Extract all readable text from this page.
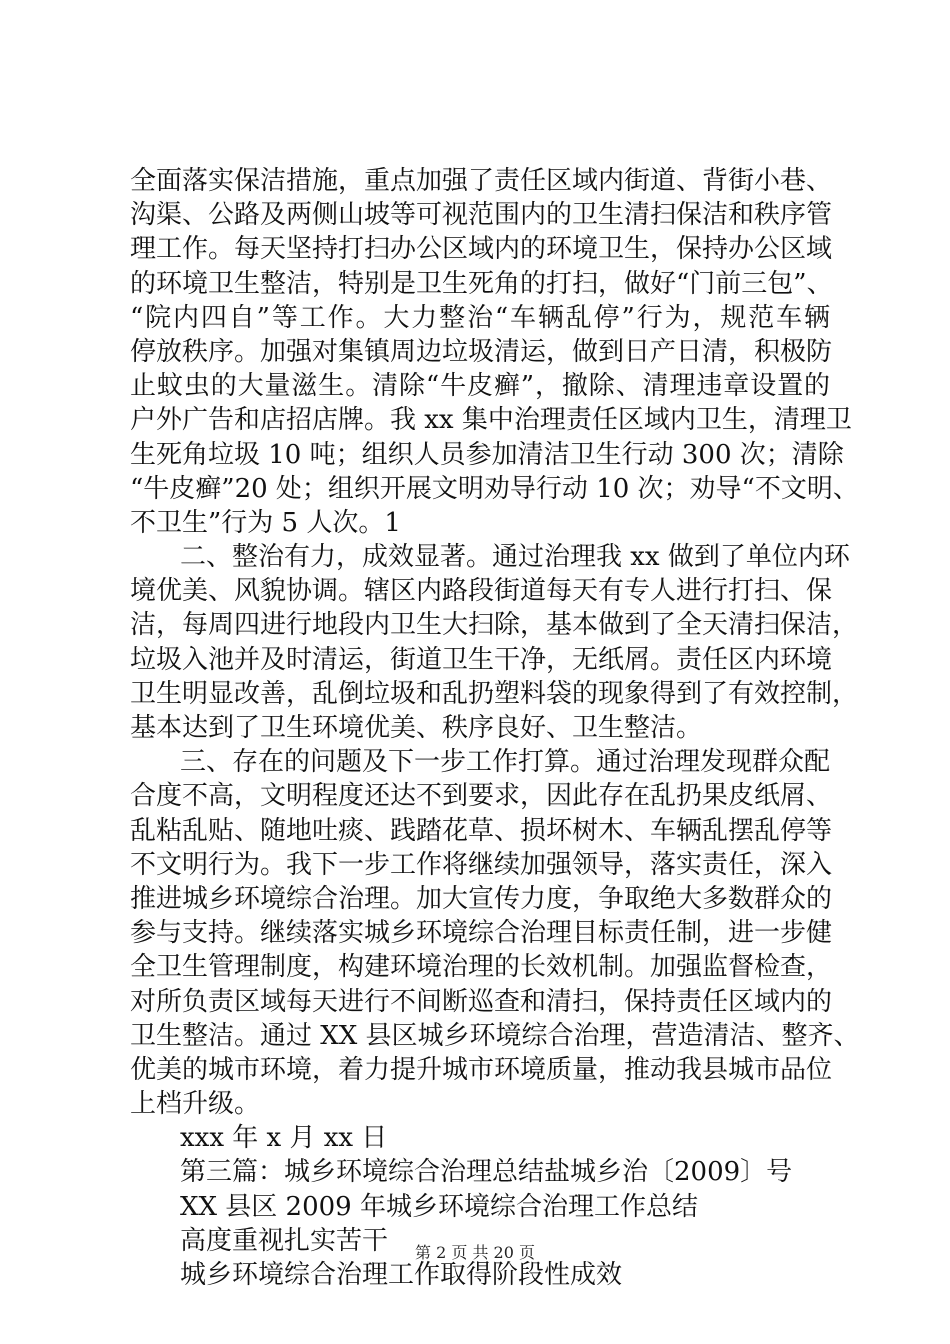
全面落实保洁措施，重点加强了责任区域内街道、背街小巷、
沟渠、公路及两侧山坡等可视范围内的卫生清扫保洁和秩序管
理工作。每天坚持打扫办公区域内的环境卫生，保持办公区域
的环境卫生整洁，特别是卫生死角的打扫，做好“门前三包”、
“院内四自”等工作。大力整治“车辆乱停”行为，规范车辆
停放秩序。加强对集镇周边垃圾清运，做到日产日清，积极防
止蚊虫的大量滋生。清除“牛皮癣”，撤除、清理违章设置的
户外广告和店招店牌。我 xx 集中治理责任区域内卫生，清理卫
生死角垃圾 10 吨；组织人员参加清洁卫生行动 300 次；清除
“牛皮癣”20 处；组织开展文明劝导行动 10 次；劝导“不文明、
不卫生”行为 5 人次。1
二、整治有力，成效显著。通过治理我 xx 做到了单位内环
境优美、风貌协调。辖区内路段街道每天有专人进行打扫、保
洁，每周四进行地段内卫生大扫除，基本做到了全天清扫保洁，
垃圾入池并及时清运，街道卫生干净，无纸屑。责任区内环境
卫生明显改善，乱倒垃圾和乱扔塑料袋的现象得到了有效控制，
基本达到了卫生环境优美、秩序良好、卫生整洁。
三、存在的问题及下一步工作打算。通过治理发现群众配
合度不高，文明程度还达不到要求，因此存在乱扔果皮纸屑、
乱粘乱贴、随地吐痰、践踏花草、损坏树木、车辆乱摆乱停等
不文明行为。我下一步工作将继续加强领导，落实责任，深入
推进城乡环境综合治理。加大宣传力度，争取绝大多数群众的
参与支持。继续落实城乡环境综合治理目标责任制，进一步健
全卫生管理制度，构建环境治理的长效机制。加强监督检查，
对所负责区域每天进行不间断巡查和清扫，保持责任区域内的
卫生整洁。通过 XX 县区城乡环境综合治理，营造清洁、整齐、
优美的城市环境，着力提升城市环境质量，推动我县城市品位
上档升级。
xxx 年 x 月 xx 日
第三篇：城乡环境综合治理总结盐城乡治〔2009〕号
XX 县区 2009 年城乡环境综合治理工作总结
高度重视扎实苦干
城乡环境综合治理工作取得阶段性成效
第 2 页 共 20 页
